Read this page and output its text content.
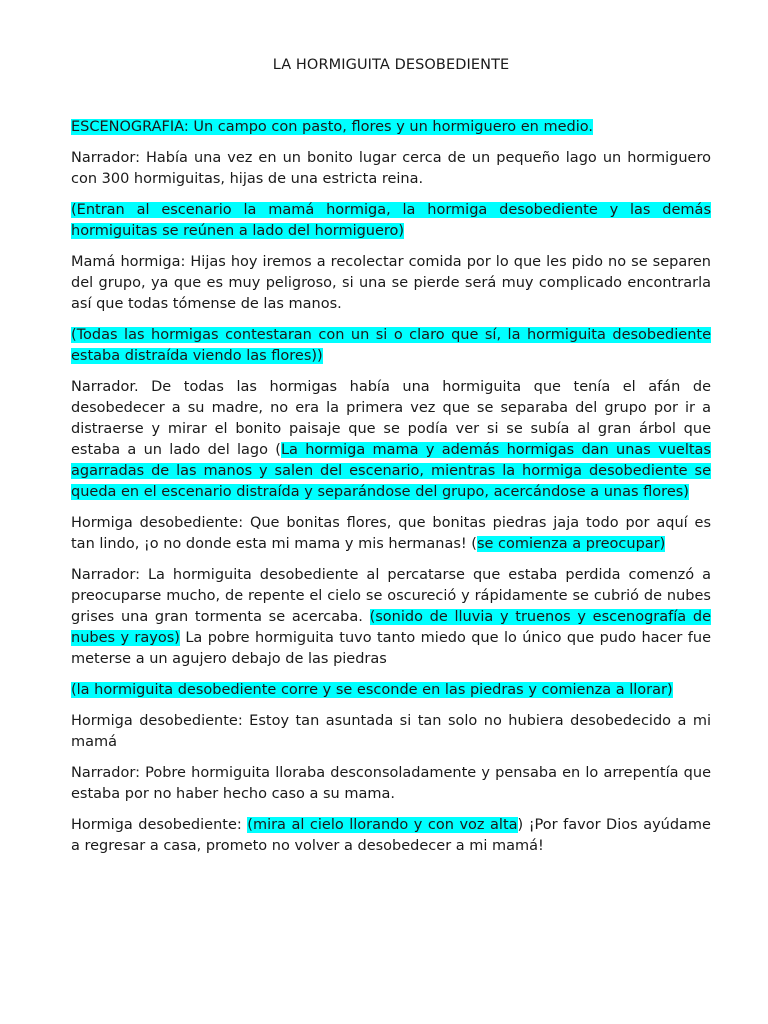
LA HORMIGUITA DESOBEDIENTE

ESCENOGRAFIA: Un campo con pasto, flores y un hormiguero en medio.

Narrador: Había una vez en un bonito lugar cerca de un pequeño lago un hormiguero con 300 hormiguitas, hijas de una estricta reina.

(Entran al escenario la mamá hormiga, la hormiga desobediente y las demás hormiguitas se reúnen a lado del hormiguero)

Mamá hormiga: Hijas hoy iremos a recolectar comida por lo que les pido no se separen del grupo, ya que es muy peligroso, si una se pierde será muy complicado encontrarla así que todas tómense de las manos.

(Todas las hormigas contestaran con un si o claro que sí, la hormiguita desobediente estaba distraída viendo las flores))

Narrador. De todas las hormigas había una hormiguita que tenía el afán de desobedecer a su madre, no era la primera vez que se separaba del grupo por ir a distraerse y mirar el bonito paisaje que se podía ver si se subía al gran árbol que estaba a un lado del lago (La hormiga mama y además hormigas dan unas vueltas agarradas de las manos y salen del escenario, mientras la hormiga desobediente se queda en el escenario distraída y separándose del grupo, acercándose a unas flores)

Hormiga desobediente: Que bonitas flores, que bonitas piedras jaja todo por aquí es tan lindo, ¡o no donde esta mi mama y mis hermanas! (se comienza a preocupar)

Narrador: La hormiguita desobediente al percatarse que estaba perdida comenzó a preocuparse mucho, de repente el cielo se oscureció y rápidamente se cubrió de nubes grises una gran tormenta se acercaba. (sonido de lluvia y truenos y escenografía de nubes y rayos) La pobre hormiguita tuvo tanto miedo que lo único que pudo hacer fue meterse a un agujero debajo de las piedras

(la hormiguita desobediente corre y se esconde en las piedras y comienza a llorar)

Hormiga desobediente: Estoy tan asuntada si tan solo no hubiera desobedecido a mi mamá

Narrador: Pobre hormiguita lloraba desconsoladamente y pensaba en lo arrepentía que estaba por no haber hecho caso a su mama.

Hormiga desobediente: (mira al cielo llorando y con voz alta) ¡Por favor Dios ayúdame a regresar a casa, prometo no volver a desobedecer a mi mamá!
